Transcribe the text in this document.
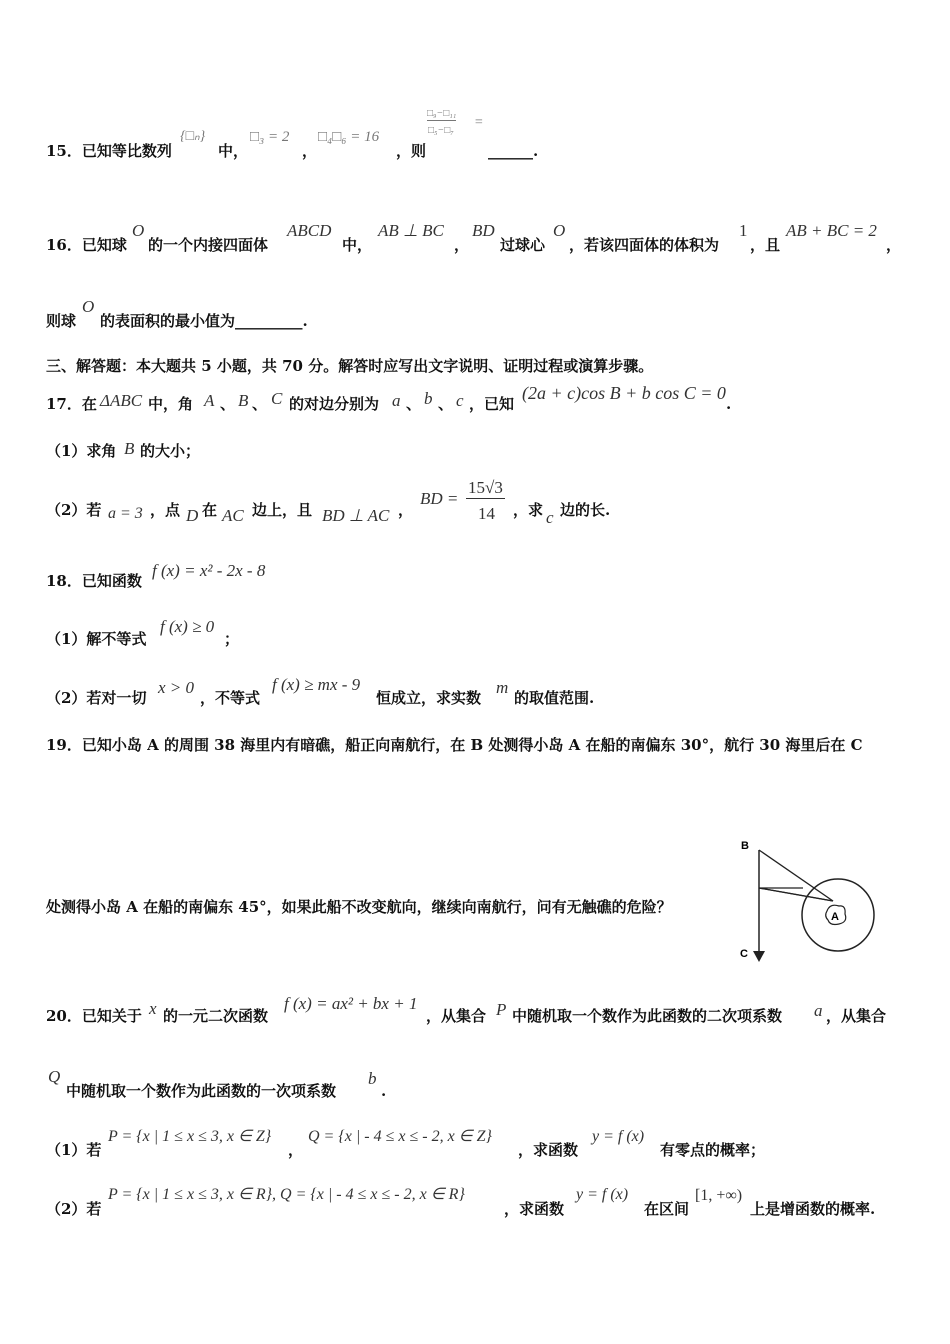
15．已知等比数列
{□ₙ}
中，
□₃ = 2
，
□₄□₆ = 16
，则
□₉−□₁₁
□₅−□₇
=
______.
16．已知球
O
的一个内接四面体
ABCD
中，
AB ⊥ BC
，
BD
过球心
O
，若该四面体的体积为
1
，且
AB + BC = 2
，
则球
O
的表面积的最小值为_________.
三、解答题：本大题共 5 小题，共 70 分。解答时应写出文字说明、证明过程或演算步骤。
17．在 ΔABC 中，角 A 、 B 、 C 的对边分别为 a 、 b 、 c ，已知
(2a + c)cos B + b cos C = 0
.
（1）求角 B 的大小；
（2）若 a = 3 ，点 D 在 AC 边上，且 BD ⊥ AC ，
BD =
15√3
14 ，求 c 边的长.
18．已知函数
f (x) = x² - 2x - 8
（1）解不等式
f (x) ≥ 0
；
（2）若对一切
x > 0
，不等式
f (x) ≥ mx - 9
恒成立，求实数
m
的取值范围.
19．已知小岛 A 的周围 38 海里内有暗礁，船正向南航行，在 B 处测得小岛 A 在船的南偏东 30°，航行 30 海里后在 C
处测得小岛 A 在船的南偏东 45°，如果此船不改变航向，继续向南航行，问有无触礁的危险？
B
C
A
20．已知关于 x 的一元二次函数
f (x) = ax² + bx + 1
，从集合 P 中随机取一个数作为此函数的二次项系数 a ，从集合
Q
中随机取一个数作为此函数的一次项系数
b
.
（1）若
P = {x | 1 ≤ x ≤ 3, x ∈ Z}
，
Q = {x | - 4 ≤ x ≤ - 2, x ∈ Z}
，求函数
y = f (x)
有零点的概率；
（2）若
P = {x | 1 ≤ x ≤ 3, x ∈ R}, Q = {x | - 4 ≤ x ≤ - 2, x ∈ R}
，求函数
y = f (x)
在区间
[1, +∞)
上是增函数的概率.
